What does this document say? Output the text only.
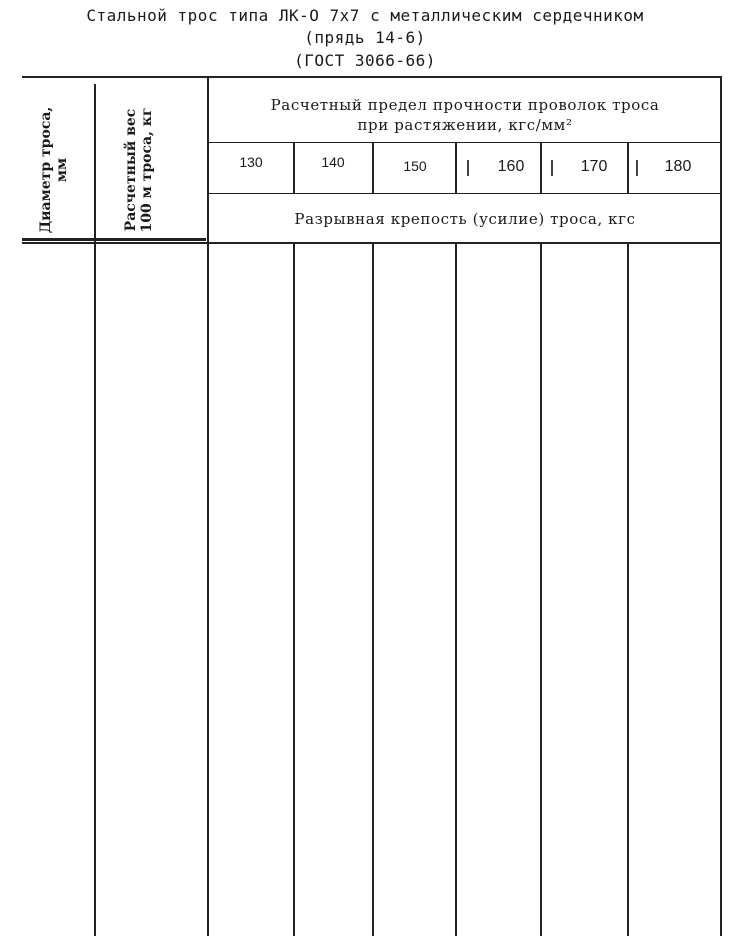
Стальной трос типа ЛК-О 7х7 с металлическим сердечником
(прядь 14-6)
(ГОСТ 3066-66)
Диаметр троса, мм	Расчетный вес 100 м троса, кг
Расчетный предел прочности проволок троса
при растяжении, кгс/мм²
130	140	150	160	170	180
Разрывная крепость (усилие) троса, кгс
